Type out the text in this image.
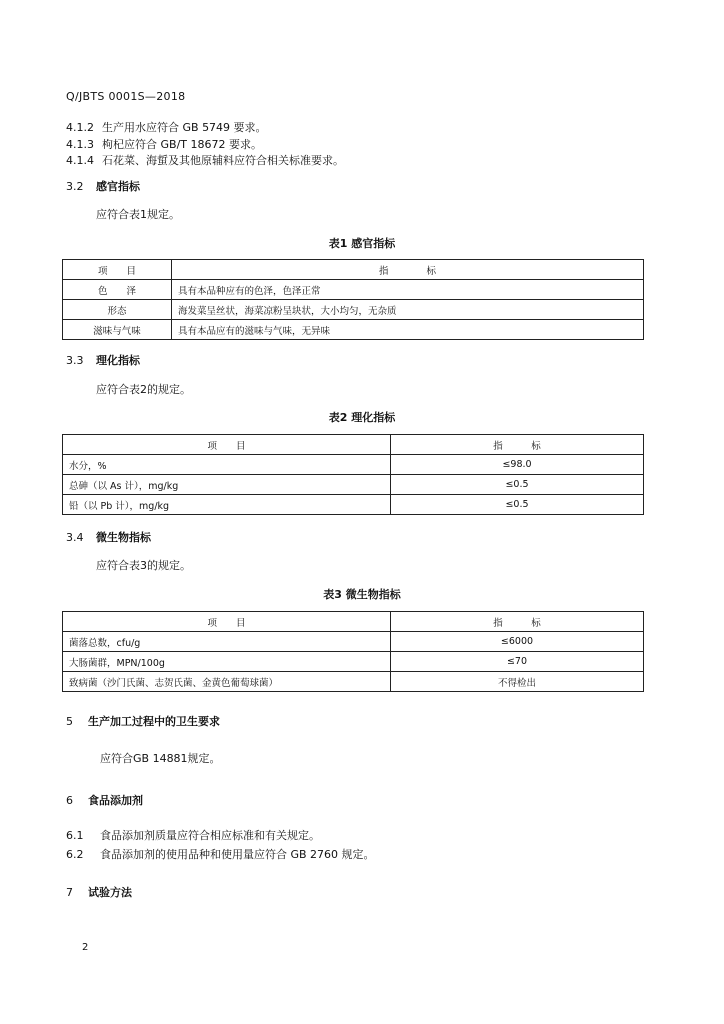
Q/JBTS 0001S—2018
4.1.2 生产用水应符合 GB 5749 要求。
4.1.3 枸杞应符合 GB/T 18672 要求。
4.1.4 石花菜、海蜇及其他原辅料应符合相关标准要求。
3.2 感官指标
应符合表1规定。
表1 感官指标
项　　目	指　　　　标
色　　泽	具有本品种应有的色泽，色泽正常
形态	海发菜呈丝状，海菜凉粉呈块状，大小均匀，无杂质
滋味与气味	具有本品应有的滋味与气味，无异味
3.3 理化指标
应符合表2的规定。
表2 理化指标
项　　目	指　　　标
水分，%	≤98.0
总砷（以 As 计），mg/kg	≤0.5
铅（以 Pb 计），mg/kg	≤0.5
3.4 微生物指标
应符合表3的规定。
表3 微生物指标
项　　目	指　　　标
菌落总数，cfu/g	≤6000
大肠菌群，MPN/100g	≤70
致病菌（沙门氏菌、志贺氏菌、金黄色葡萄球菌）	不得检出
5 生产加工过程中的卫生要求
应符合GB 14881规定。
6 食品添加剂
6.1 食品添加剂质量应符合相应标准和有关规定。
6.2 食品添加剂的使用品种和使用量应符合 GB 2760 规定。
7 试验方法
2
